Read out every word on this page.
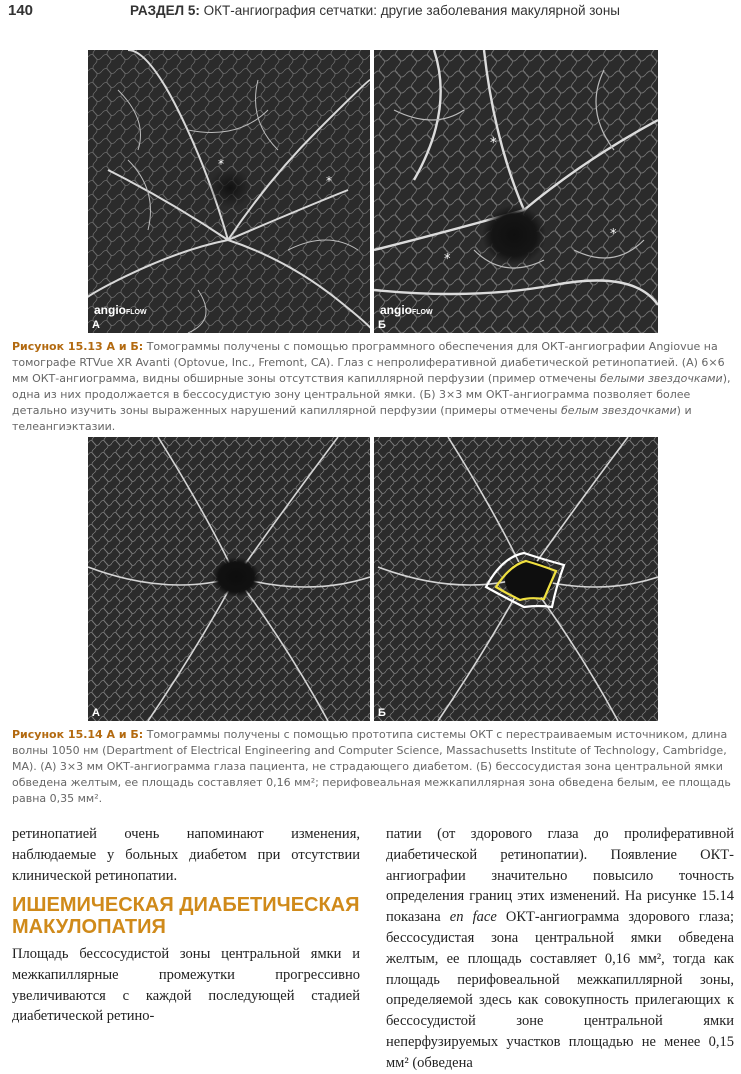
140	РАЗДЕЛ 5: ОКТ-ангиография сетчатки: другие заболевания макулярной зоны
*
*
angioFLOW
А
*
*
*
angioFLOW
Б
Рисунок 15.13 А и Б: Томограммы получены с помощью программного обеспечения для ОКТ-ангиографии Angiovue на томографе RTVue XR Avanti (Optovue, Inc., Fremont, CA). Глаз с непролиферативной диабетической ретинопатией. (А) 6×6 мм ОКТ-ангиограмма, видны обширные зоны отсутствия капиллярной перфузии (пример отмечены белыми звездочками), одна из них продолжается в бессосудистую зону центральной ямки. (Б) 3×3 мм ОКТ-ангиограмма позволяет более детально изучить зоны выраженных нарушений капиллярной перфузии (примеры отмечены белым звездочками) и телеангиэктазии.
А	Б
Рисунок 15.14 А и Б: Томограммы получены с помощью прототипа системы ОКТ с перестраиваемым источником, длина волны 1050 нм (Department of Electrical Engineering and Computer Science, Massachusetts Institute of Technology, Cambridge, MA). (А) 3×3 мм ОКТ-ангиограмма глаза пациента, не страдающего диабетом. (Б) бессосудистая зона центральной ямки обведена желтым, ее площадь составляет 0,16 мм²; перифовеальная межкапиллярная зона обведена белым, ее площадь равна 0,35 мм².

ретинопатией очень напоминают изменения, наблюдаемые у больных диабетом при отсутствии клинической ретинопатии.

ИШЕМИЧЕСКАЯ ДИАБЕТИЧЕСКАЯ МАКУЛОПАТИЯ

Площадь бессосудистой зоны центральной ямки и межкапиллярные промежутки прогрессивно увеличиваются с каждой последующей стадией диабетической ретино-

патии (от здорового глаза до пролиферативной диабетической ретинопатии). Появление ОКТ-ангиографии значительно повысило точность определения границ этих изменений. На рисунке 15.14 показана en face ОКТ-ангиограмма здорового глаза; бессосудистая зона центральной ямки обведена желтым, ее площадь составляет 0,16 мм², тогда как площадь перифовеальной межкапиллярной зоны, определяемой здесь как совокупность прилегающих к бессосудистой зоне центральной ямки неперфузируемых участков площадью не менее 0,15 мм² (обведена
